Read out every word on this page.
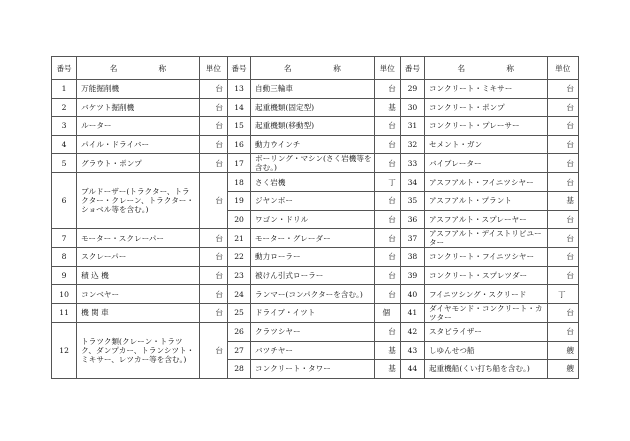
番号	名 称	単位	番号	名 称	単位	番号	名 称	単位
1	万能掘削機	台	13	自動三輪車	台	29	コンクリート・ミキサー	台
2	バケツト掘削機	台	14	起重機類(固定型)	基	30	コンクリート・ポンプ	台
3	ルーター	台	15	起重機類(移動型)	台	31	コンクリート・プレーサー	台
4	パイル・ドライバー	台	16	動力ウインチ	台	32	セメント・ガン	台
5	グラウト・ポンプ	台	17	ボーリング・マシン(さく岩機等を含む。)	台	33	バイブレーター	台
6	ブルドーザー(トラクター、トラクター・クレーン、トラクター・ショベル等を含む。)	台	18	さく岩機	丁	34	アスフアルト・フイニツシヤー	台
			19	ジヤンボー	台	35	アスフアルト・プラント	基
			20	ワゴン・ドリル	台	36	アスフアルト・スプレーヤー	台
7	モーター・スクレーパー	台	21	モーター・グレーダー	台	37	アスフアルト・デイストリビユーター	台
8	スクレーパー	台	22	動力ローラー	台	38	コンクリート・フイニツシヤー	台
9	積 込 機	台	23	被けん引式ローラー	台	39	コンクリート・スプレツダー	台
10	コンベヤー	台	24	ランマー(コンパクターを含む。)	台	40	フイニツシング・スクリード	丁
11	機 関 車	台	25	ドライブ・イツト	個	41	ダイヤモンド・コンクリート・カツター	台
12	トラツク類(クレーン・トラツク、ダンプカー、トランシツト・ミキサー、レツカー等を含む。)	台	26	クラツシヤー	台	42	スタビライザー	台
			27	バツチヤー	基	43	しゆんせつ船	艘
			28	コンクリート・タワー	基	44	起重機船(くい打ち船を含む。)	艘
